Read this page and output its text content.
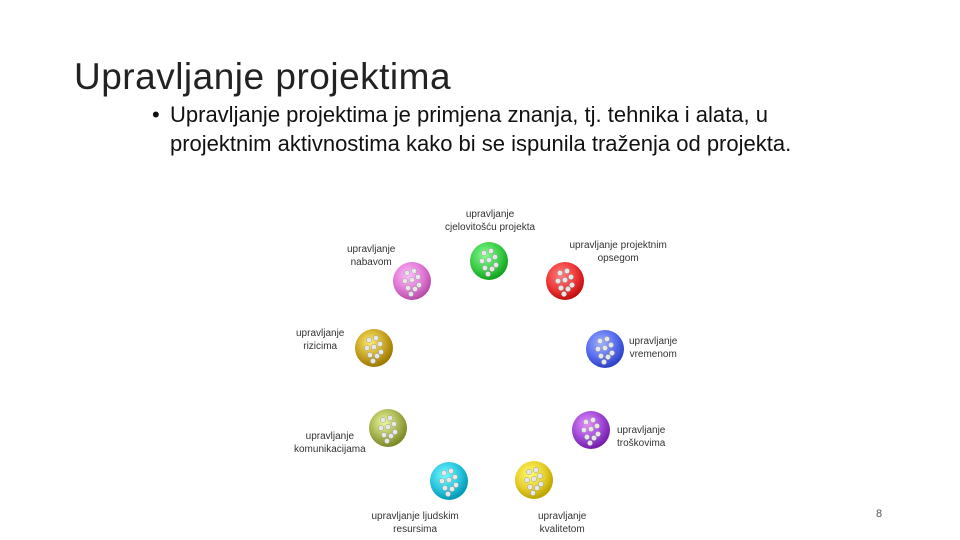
Upravljanje projektima
• Upravljanje projektima je primjena znanja, tj. tehnika i alata, u projektnim aktivnostima kako bi se ispunila traženja od projekta.
upravljanje
cjelovitošću projekta
upravljanje projektnim
opsegom
upravljanje
vremenom
upravljanje
troškovima
upravljanje
kvalitetom
upravljanje ljudskim
resursima
upravljanje
komunikacijama
upravljanje
rizicima
upravljanje
nabavom
8
